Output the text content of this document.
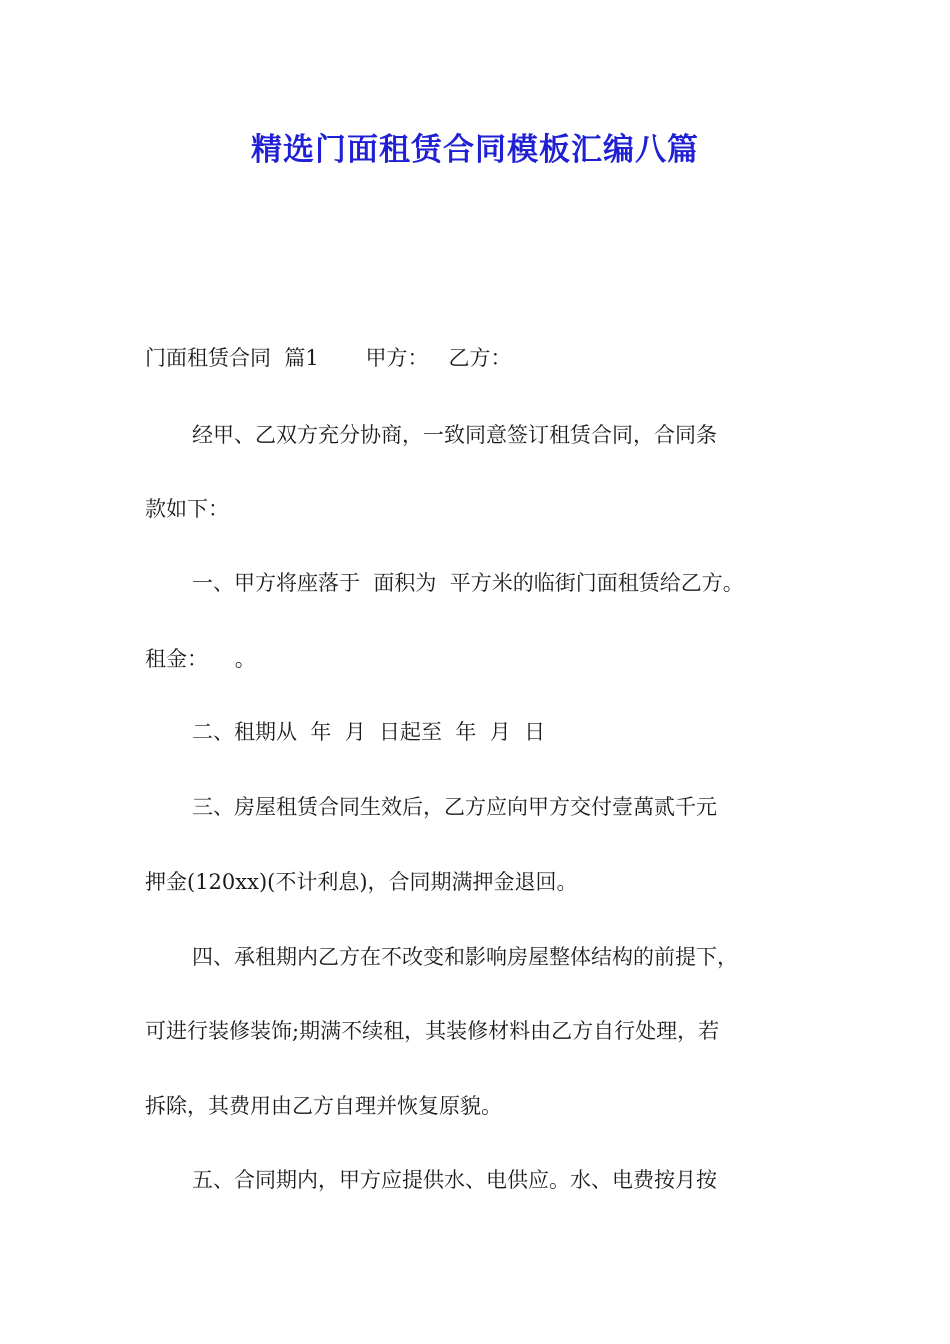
精选门面租赁合同模板汇编八篇

门面租赁合同  篇1       甲方：   乙方：

经甲、乙双方充分协商，一致同意签订租赁合同，合同条

款如下：

一、甲方将座落于  面积为  平方米的临街门面租赁给乙方。

租金：    。

二、租期从  年  月  日起至  年  月  日

三、房屋租赁合同生效后，乙方应向甲方交付壹萬贰千元

押金(120xx)(不计利息)，合同期满押金退回。

四、承租期内乙方在不改变和影响房屋整体结构的前提下，

可进行装修装饰;期满不续租，其装修材料由乙方自行处理，若

拆除，其费用由乙方自理并恢复原貌。

五、合同期内，甲方应提供水、电供应。水、电费按月按
